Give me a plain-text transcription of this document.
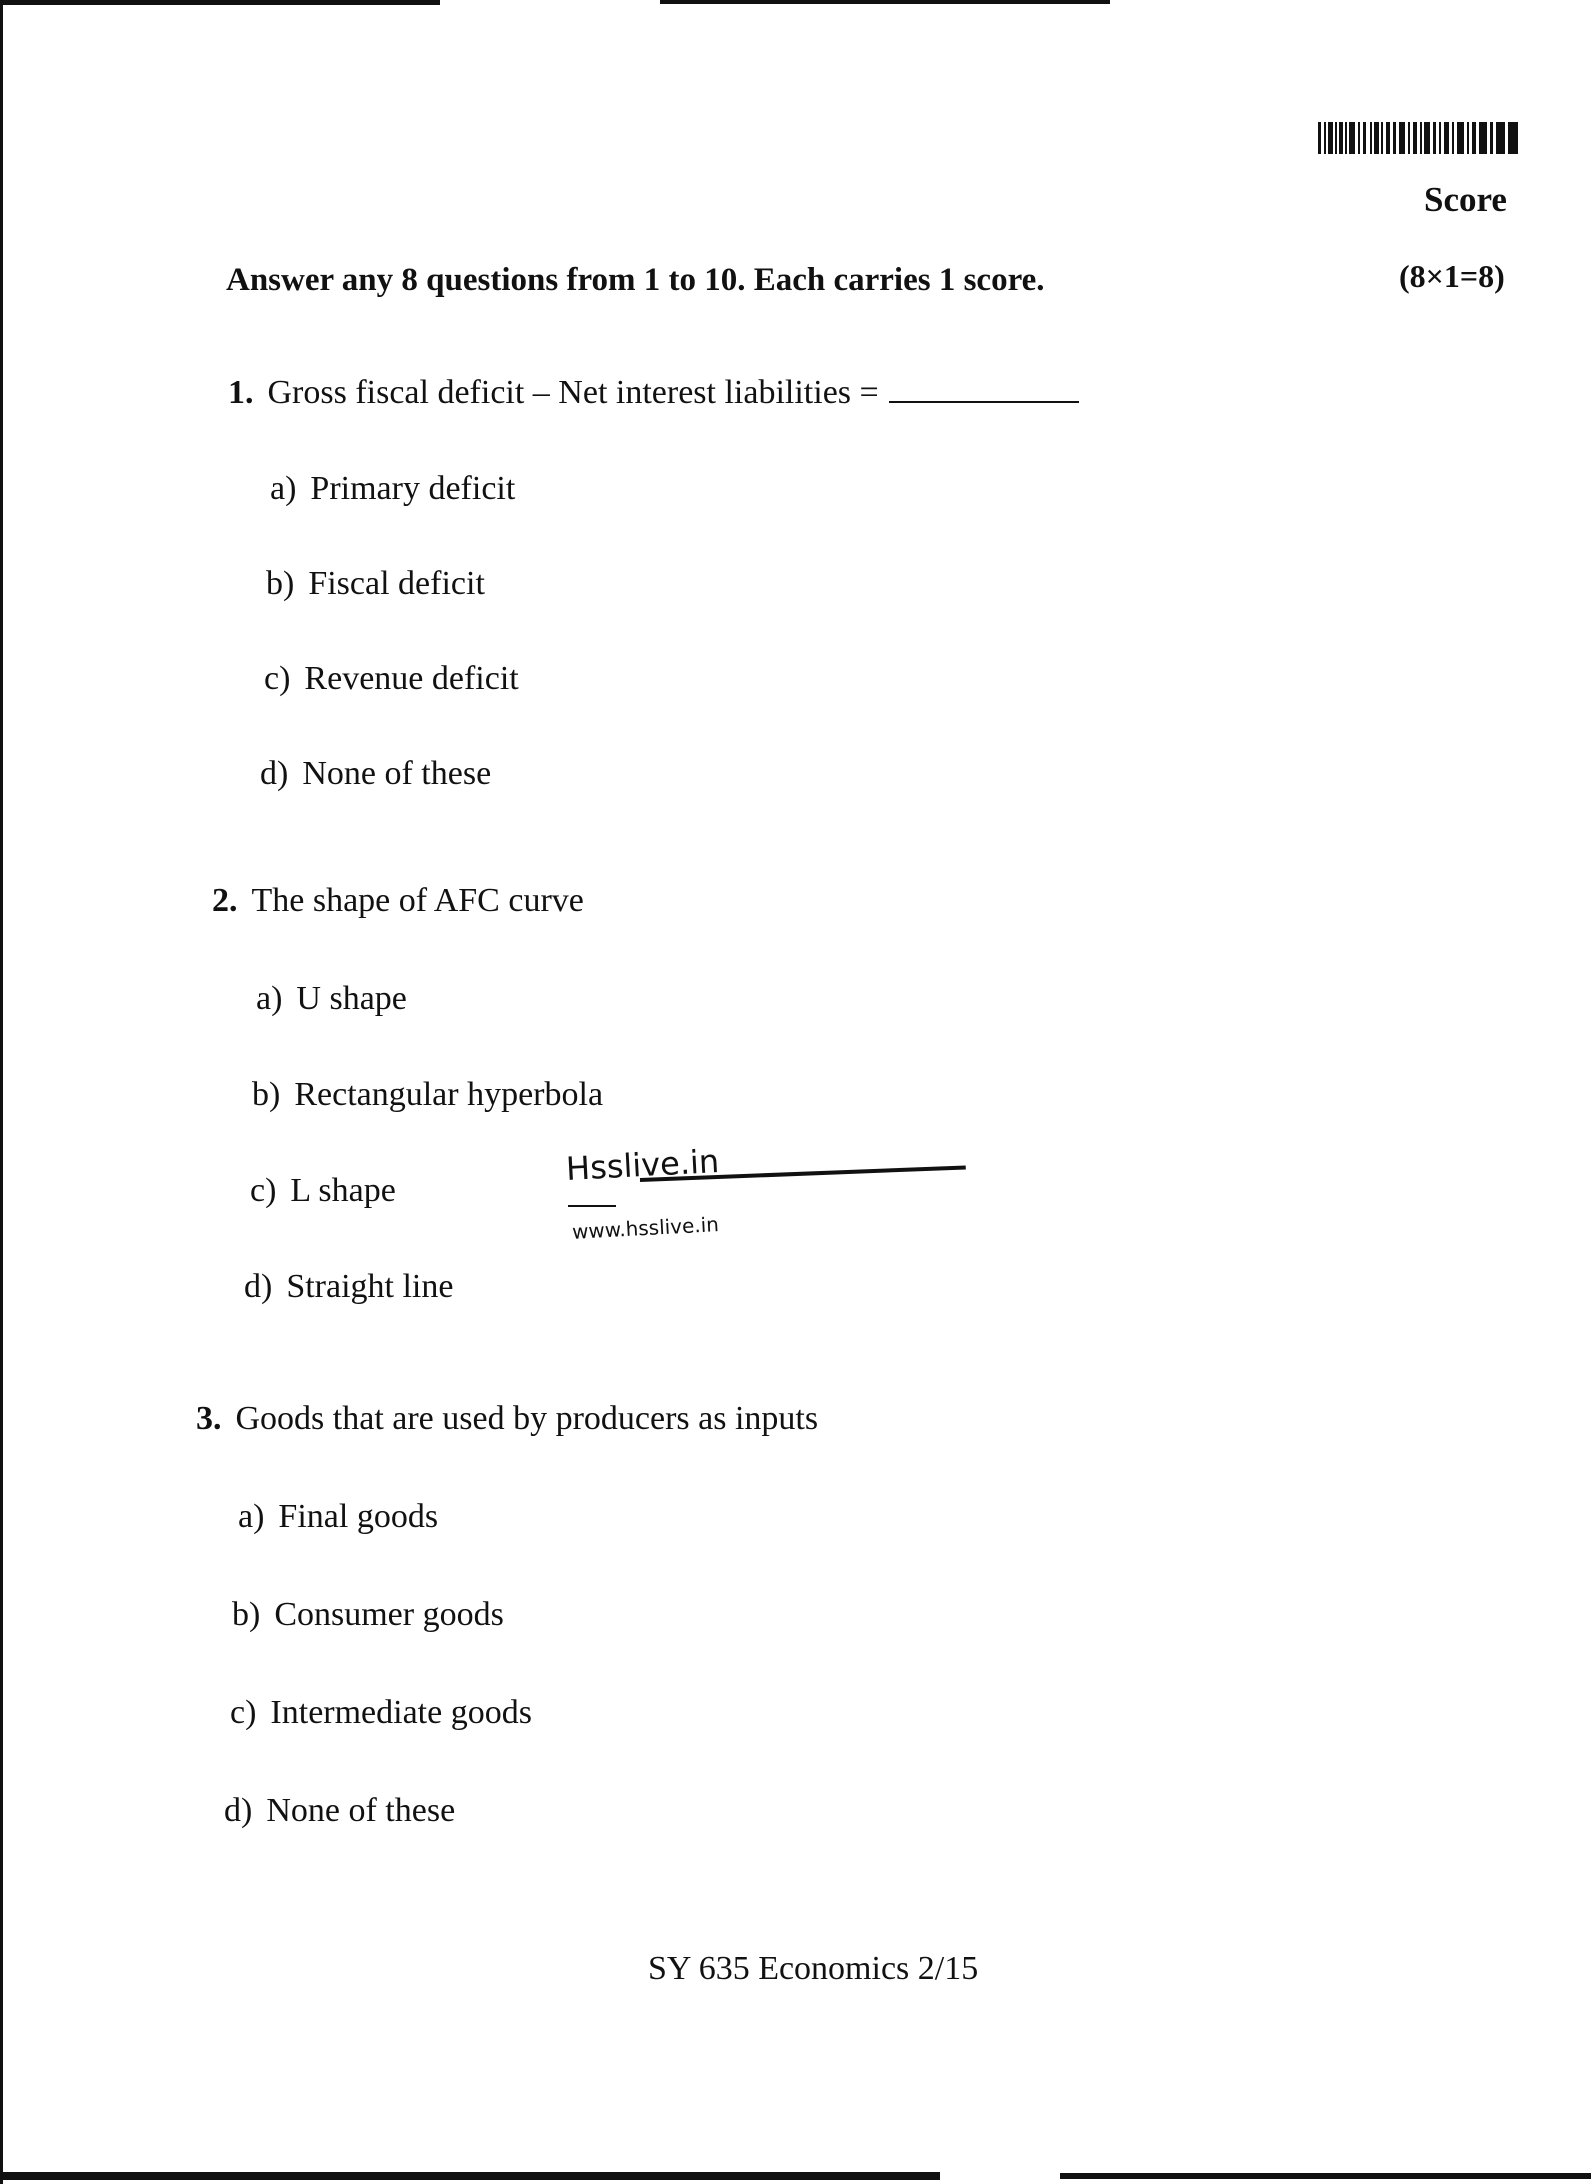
Score
(8×1=8)
Answer any 8 questions from 1 to 10. Each carries 1 score.
1. Gross fiscal deficit – Net interest liabilities =
a) Primary deficit
b) Fiscal deficit
c) Revenue deficit
d) None of these
2. The shape of AFC curve
a) U shape
b) Rectangular hyperbola
c) L shape
d) Straight line
Hsslive.in
www.hsslive.in
3. Goods that are used by producers as inputs
a) Final goods
b) Consumer goods
c) Intermediate goods
d) None of these
SY 635 Economics 2/15
